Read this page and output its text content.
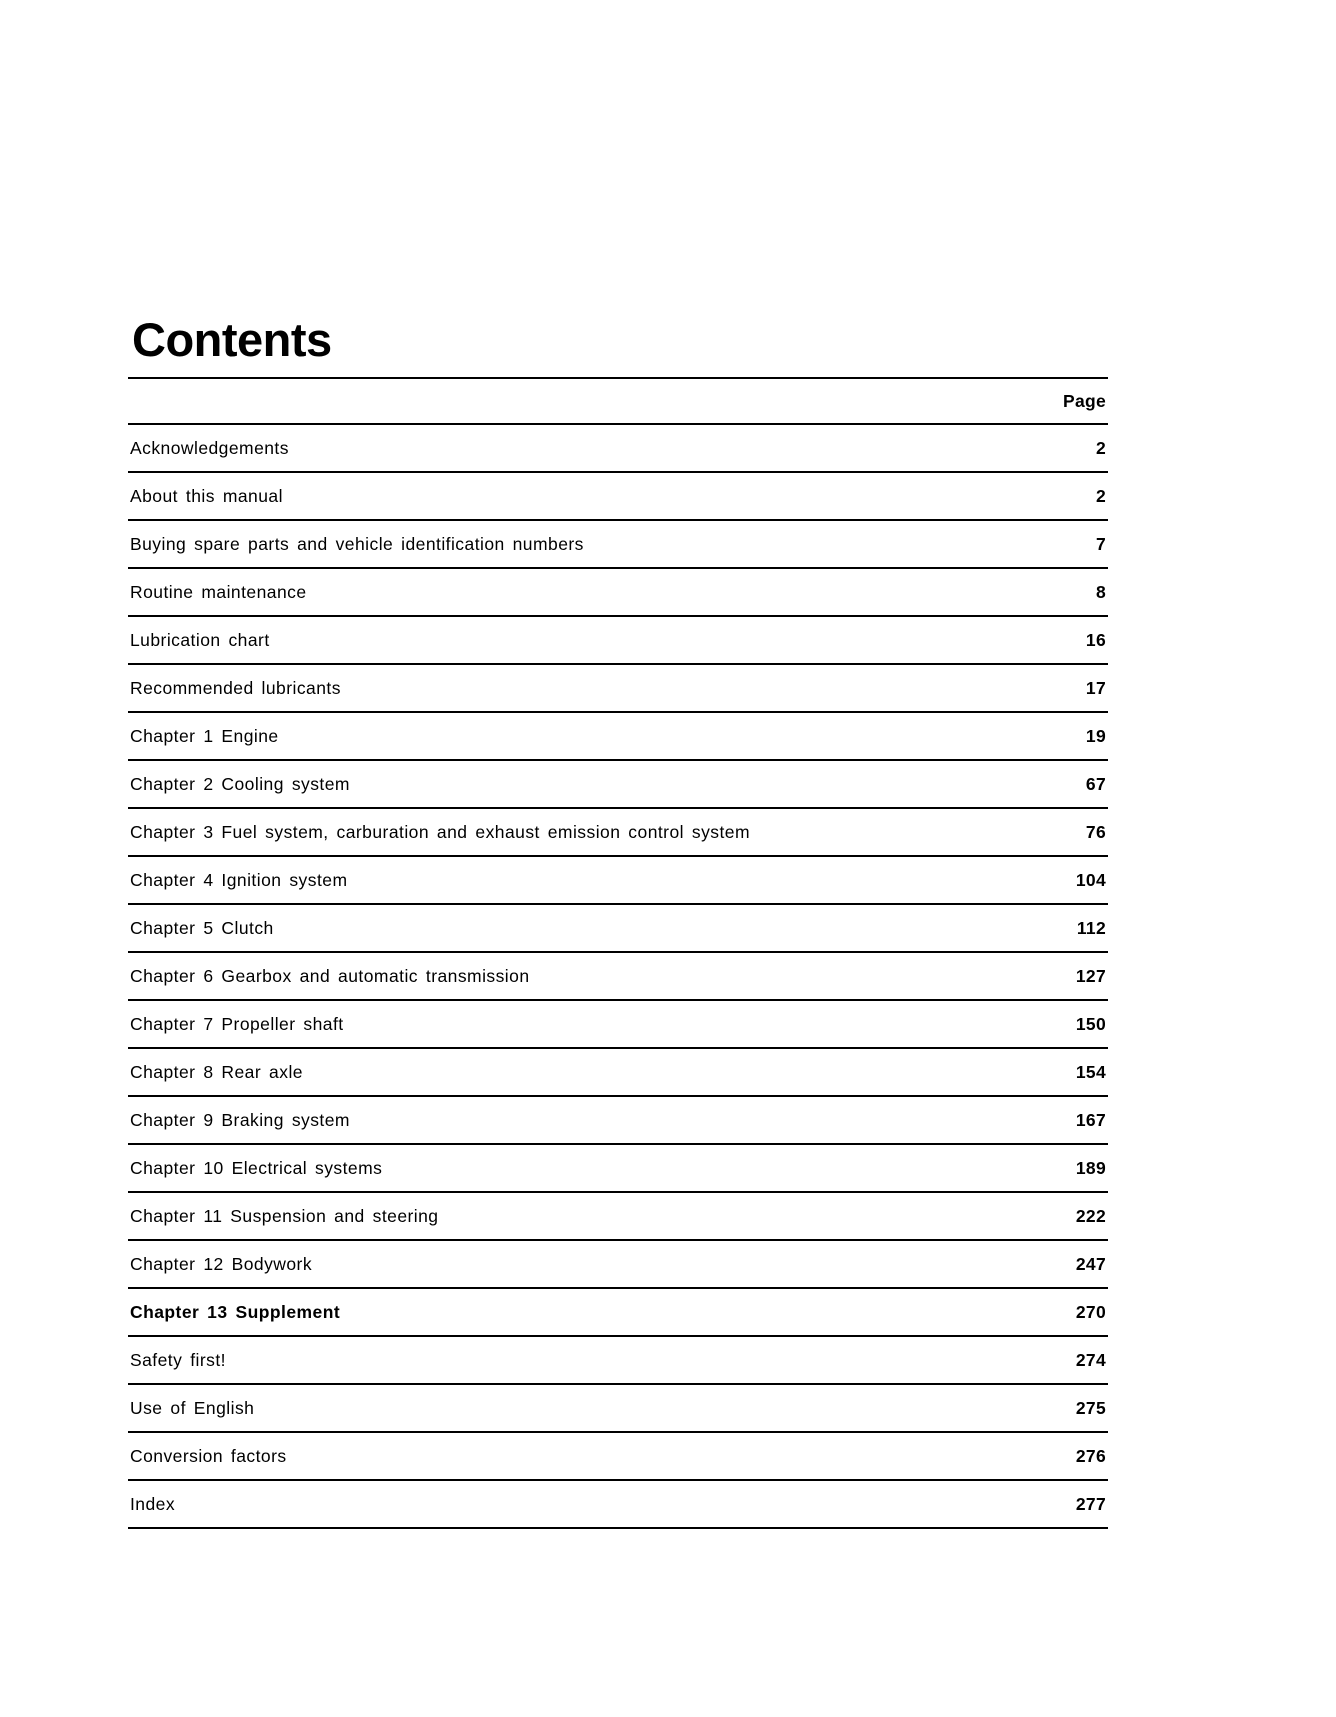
Contents
Page
Acknowledgements	2
About this manual	2
Buying spare parts and vehicle identification numbers	7
Routine maintenance	8
Lubrication chart	16
Recommended lubricants	17
Chapter 1 Engine	19
Chapter 2 Cooling system	67
Chapter 3 Fuel system, carburation and exhaust emission control system	76
Chapter 4 Ignition system	104
Chapter 5 Clutch	112
Chapter 6 Gearbox and automatic transmission	127
Chapter 7 Propeller shaft	150
Chapter 8 Rear axle	154
Chapter 9 Braking system	167
Chapter 10 Electrical systems	189
Chapter 11 Suspension and steering	222
Chapter 12 Bodywork	247
Chapter 13 Supplement	270
Safety first!	274
Use of English	275
Conversion factors	276
Index	277
